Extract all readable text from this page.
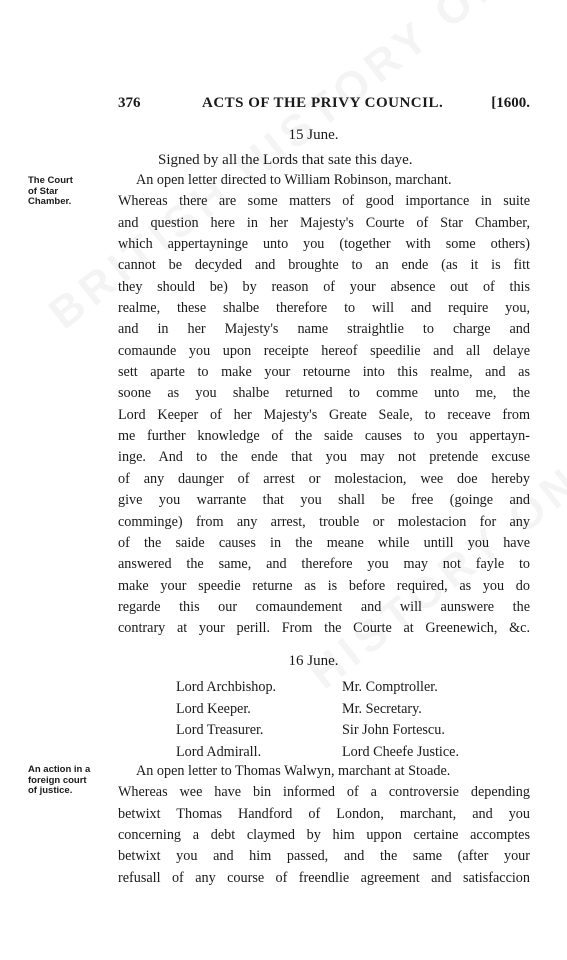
376	ACTS OF THE PRIVY COUNCIL.	[1600.
15 June.
Signed by all the Lords that sate this daye.
The Court
of Star
Chamber.
An open letter directed to William Robinson, marchant.
Whereas there are some matters of good importance in suite
and question here in her Majesty's Courte of Star Chamber,
which appertayninge unto you (together with some others)
cannot be decyded and broughte to an ende (as it is fitt
they should be) by reason of your absence out of this
realme, these shalbe therefore to will and require you,
and in her Majesty's name straightlie to charge and
comaunde you upon receipte hereof speedilie and all delaye
sett aparte to make your retourne into this realme, and as
soone as you shalbe returned to comme unto me, the
Lord Keeper of her Majesty's Greate Seale, to receave from
me further knowledge of the saide causes to you appertayn-
inge. And to the ende that you may not pretende excuse
of any daunger of arrest or molestacion, wee doe hereby
give you warrante that you shall be free (goinge and
comminge) from any arrest, trouble or molestacion for any
of the saide causes in the meane while untill you have
answered the same, and therefore you may not fayle to
make your speedie returne as is before required, as you do
regarde this our comaundement and will aunswere the
contrary at your perill. From the Courte at Greenewich, &c.
16 June.
Lord Archbishop.
Lord Keeper.
Lord Treasurer.
Lord Admirall.
Mr. Comptroller.
Mr. Secretary.
Sir John Fortescu.
Lord Cheefe Justice.
An action in a
foreign court
of justice.
An open letter to Thomas Walwyn, marchant at Stoade.
Whereas wee have bin informed of a controversie depending
betwixt Thomas Handford of London, marchant, and you
concerning a debt claymed by him uppon certaine accomptes
betwixt you and him passed, and the same (after your
refusall of any course of freendlie agreement and satisfaccion
